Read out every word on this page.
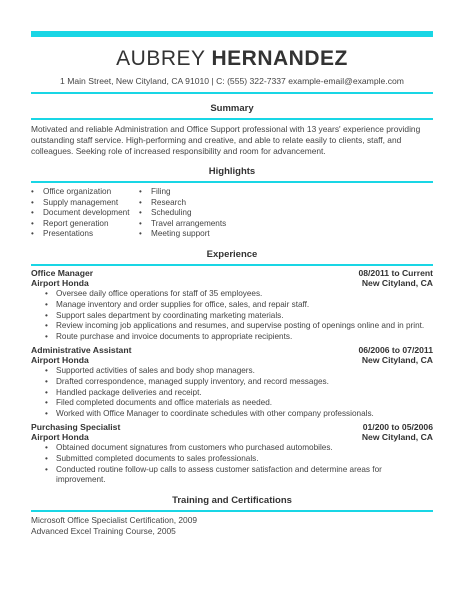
AUBREY HERNANDEZ
1 Main Street, New Cityland, CA 91010 | C: (555) 322-7337 example-email@example.com
Summary
Motivated and reliable Administration and Office Support professional with 13 years' experience providing outstanding staff service. High-performing and creative, and able to relate easily to clients, staff, and colleagues. Seeking role of increased responsibility and room for advancement.
Highlights
• Office organization
• Supply management
• Document development
• Report generation
• Presentations
• Filing
• Research
• Scheduling
• Travel arrangements
• Meeting support
Experience
Office Manager	08/2011 to Current
Airport Honda	New Cityland, CA
• Oversee daily office operations for staff of 35 employees.
• Manage inventory and order supplies for office, sales, and repair staff.
• Support sales department by coordinating marketing materials.
• Review incoming job applications and resumes, and supervise posting of openings online and in print.
• Route purchase and invoice documents to appropriate recipients.
Administrative Assistant	06/2006 to 07/2011
Airport Honda	New Cityland, CA
• Supported activities of sales and body shop managers.
• Drafted correspondence, managed supply inventory, and record messages.
• Handled package deliveries and receipt.
• Filed completed documents and office materials as needed.
• Worked with Office Manager to coordinate schedules with other company professionals.
Purchasing Specialist	01/200 to 05/2006
Airport Honda	New Cityland, CA
• Obtained document signatures from customers who purchased automobiles.
• Submitted completed documents to sales professionals.
• Conducted routine follow-up calls to assess customer satisfaction and determine areas for improvement.
Training and Certifications
Microsoft Office Specialist Certification, 2009
Advanced Excel Training Course, 2005
